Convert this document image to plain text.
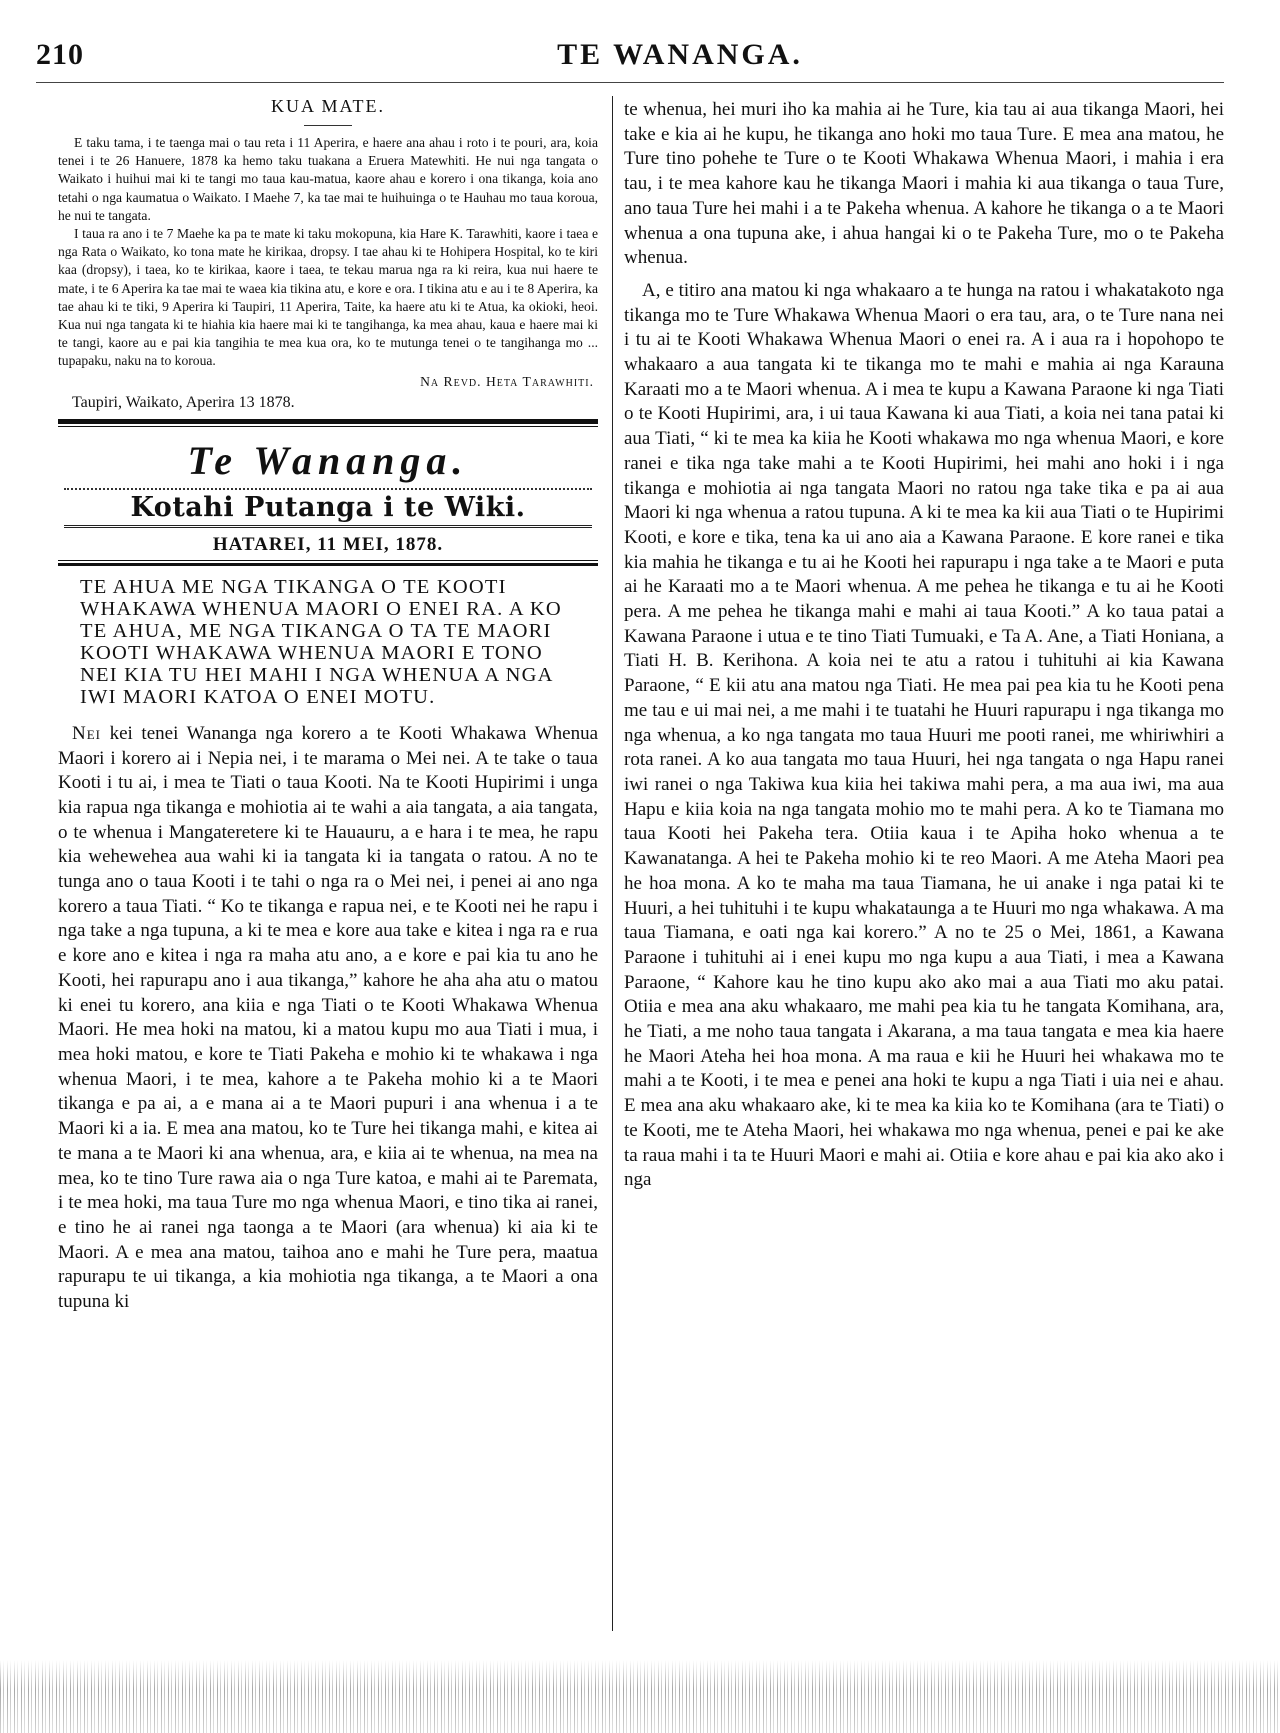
210	TE WANANGA.
KUA MATE.

E taku tama, i te taenga mai o tau reta i 11 Aperira, e haere ana ahau i roto i te pouri, ara, koia tenei i te 26 Hanuere, 1878 ka hemo taku tuakana a Eruera Matewhiti. He nui nga tangata o Waikato i huihui mai ki te tangi mo taua kau-matua, kaore ahau e korero i ona tikanga, koia ano tetahi o nga kaumatua o Waikato. I Maehe 7, ka tae mai te huihuinga o te Hauhau mo taua koroua, he nui te tangata.

I taua ra ano i te 7 Maehe ka pa te mate ki taku mokopuna, kia Hare K. Tarawhiti, kaore i taea e nga Rata o Waikato, ko tona mate he kirikaa, dropsy. I tae ahau ki te Hohipera Hospital, ko te kiri kaa (dropsy), i taea, ko te kirikaa, kaore i taea, te tekau maruа nga ra ki reira, kua nui haere te mate, i te 6 Aperira ka tae mai te waea kia tikina atu, e kore e ora. I tikina atu e au i te 8 Aperira, ka tae ahau ki te tiki, 9 Aperira ki Taupiri, 11 Aperira, Taite, ka haere atu ki te Atua, ka okioki, heoi. Kua nui nga tangata ki te hiahia kia haere mai ki te tangihanga, ka mea ahau, kaua e haere mai ki te tangi, kaore au e pai kia tangihia te mea kua ora, ko te mutunga tenei o te tangihanga mo ... tupapaku, naku na to koroua.

Na Revd. Heta Tarawhiti.
Taupiri, Waikato, Aperira 13 1878.
Te Wananga.
Kotahi Putanga i te Wiki.
HATAREI, 11 MEI, 1878.
TE AHUA ME NGA TIKANGA O TE KOOTI WHAKAWA WHENUA MAORI O ENEI RA. A KO TE AHUA, ME NGA TIKANGA O TA TE MAORI KOOTI WHAKAWA WHENUA MAORI E TONO NEI KIA TU HEI MAHI I NGA WHENUA A NGA IWI MAORI KATOA O ENEI MOTU.

Nei kei tenei Wananga nga korero a te Kooti Whakawa Whenua Maori i korero ai i Nepia nei, i te marama o Mei nei. A te take o taua Kooti i tu ai, i mea te Tiati o taua Kooti. Na te Kooti Hupirimi i unga kia rapua nga tikanga e mohiotia ai te wahi a aia tangata, a aia tangata, o te whenua i Mangateretere ki te Hauauru, a e hara i te mea, he rapu kia wehewehea aua wahi ki ia tangata ki ia tangata o ratou. A no te tunga ano o taua Kooti i te tahi o nga ra o Mei nei, i penei ai ano nga korero a taua Tiati. “ Ko te tikanga e rapua nei, e te Kooti nei he rapu i nga take a nga tupuna, a ki te mea e kore aua take e kitea i nga ra e rua e kore ano e kitea i nga ra maha atu ano, a e kore e pai kia tu ano he Kooti, hei rapurapu ano i aua tikanga,” kahore he aha aha atu o matou ki enei tu korero, ana kiia e nga Tiati o te Kooti Whakawa Whenua Maori. He mea hoki na matou, ki a matou kupu mo aua Tiati i mua, i mea hoki matou, e kore te Tiati Pakeha e mohio ki te whakawa i nga whenua Maori, i te mea, kahore a te Pakeha mohio ki a te Maori tikanga e pa ai, a e mana ai a te Maori pupuri i ana whenua i a te Maori ki a ia. E mea ana matou, ko te Ture hei tikanga mahi, e kitea ai te mana a te Maori ki ana whenua, ara, e kiia ai te whenua, na mea na mea, ko te tino Ture rawa aia o nga Ture katoa, e mahi ai te Paremata, i te mea hoki, ma taua Ture mo nga whenua Maori, e tino tika ai ranei, e tino he ai ranei nga taonga a te Maori (ara whenua) ki aia ki te Maori. A e mea ana matou, taihoa ano e mahi he Ture pera, maatua rapurapu te ui tikanga, a kia mohiotia nga tikanga, a te Maori a ona tupuna ki

te whenua, hei muri iho ka mahia ai he Ture, kia tau ai aua tikanga Maori, hei take e kia ai he kupu, he tikanga ano hoki mo taua Ture. E mea ana matou, he Ture tino pohehe te Ture o te Kooti Whakawa Whenua Maori, i mahia i era tau, i te mea kahore kau he tikanga Maori i mahia ki aua tikanga o taua Ture, ano taua Ture hei mahi i a te Pakeha whenua. A kahore he tikanga o a te Maori whenua a ona tupuna ake, i ahua hangai ki o te Pakeha Ture, mo o te Pakeha whenua.

A, e titiro ana matou ki nga whakaaro a te hunga na ratou i whakatakoto nga tikanga mo te Ture Whakawa Whenua Maori o era tau, ara, o te Ture nana nei i tu ai te Kooti Whakawa Whenua Maori o enei ra. A i aua ra i hopohopo te whakaaro a aua tangata ki te tikanga mo te mahi e mahia ai nga Karauna Karaati mo a te Maori whenua. A i mea te kupu a Kawana Paraone ki nga Tiati o te Kooti Hupirimi, ara, i ui taua Kawana ki aua Tiati, a koia nei tana patai ki aua Tiati, “ ki te mea ka kiia he Kooti whakawa mo nga whenua Maori, e kore ranei e tika nga take mahi a te Kooti Hupirimi, hei mahi ano hoki i i nga tikanga e mohiotia ai nga tangata Maori no ratou nga take tika e pa ai aua Maori ki nga whenua a ratou tupuna. A ki te mea ka kii aua Tiati o te Hupirimi Kooti, e kore e tika, tena ka ui ano aia a Kawana Paraone. E kore ranei e tika kia mahia he tikanga e tu ai he Kooti hei rapurapu i nga take a te Maori e puta ai he Karaati mo a te Maori whenua. A me pehea he tikanga e tu ai he Kooti pera. A me pehea he tikanga mahi e mahi ai taua Kooti.” A ko taua patai a Kawana Paraone i utua e te tino Tiati Tumuaki, e Ta A. Ane, a Tiati Honiana, a Tiati H. B. Kerihona. A koia nei te atu a ratou i tuhituhi ai kia Kawana Paraone, “ E kii atu ana matou nga Tiati. He mea pai pea kia tu he Kooti pena me tau e ui mai nei, a me mahi i te tuatahi he Huuri rapurapu i nga tikanga mo nga whenua, a ko nga tangata mo taua Huuri me pooti ranei, me whiriwhiri a rota ranei. A ko aua tangata mo taua Huuri, hei nga tangata o nga Hapu ranei iwi ranei o nga Takiwa kua kiia hei takiwa mahi pera, a ma aua iwi, ma aua Hapu e kiia koia na nga tangata mohio mo te mahi pera. A ko te Tiamana mo taua Kooti hei Pakeha tera. Otiia kaua i te Apiha hoko whenua a te Kawanatanga. A hei te Pakeha mohio ki te reo Maori. A me Ateha Maori pea he hoa mona. A ko te maha ma taua Tiamana, he ui anake i nga patai ki te Huuri, a hei tuhituhi i te kupu whakataunga a te Huuri mo nga whakawa. A ma taua Tiamana, e oati nga kai korero.” A no te 25 o Mei, 1861, a Kawana Paraone i tuhituhi ai i enei kupu mo nga kupu a aua Tiati, i mea a Kawana Paraone, “ Kahore kau he tino kupu ako ako mai a aua Tiati mo aku patai. Otiia e mea ana aku whakaaro, me mahi pea kia tu he tangata Komihana, ara, he Tiati, a me noho taua tangata i Akarana, a ma taua tangata e mea kia haere he Maori Ateha hei hoa mona. A ma raua e kii he Huuri hei whakawa mo te mahi a te Kooti, i te mea e penei ana hoki te kupu a nga Tiati i uia nei e ahau. E mea ana aku whakaaro ake, ki te mea ka kiia ko te Komihana (ara te Tiati) o te Kooti, me te Ateha Maori, hei whakawa mo nga whenua, penei e pai ke ake ta raua mahi i ta te Huuri Maori e mahi ai. Otiia e kore ahau e pai kia ako ako i nga
